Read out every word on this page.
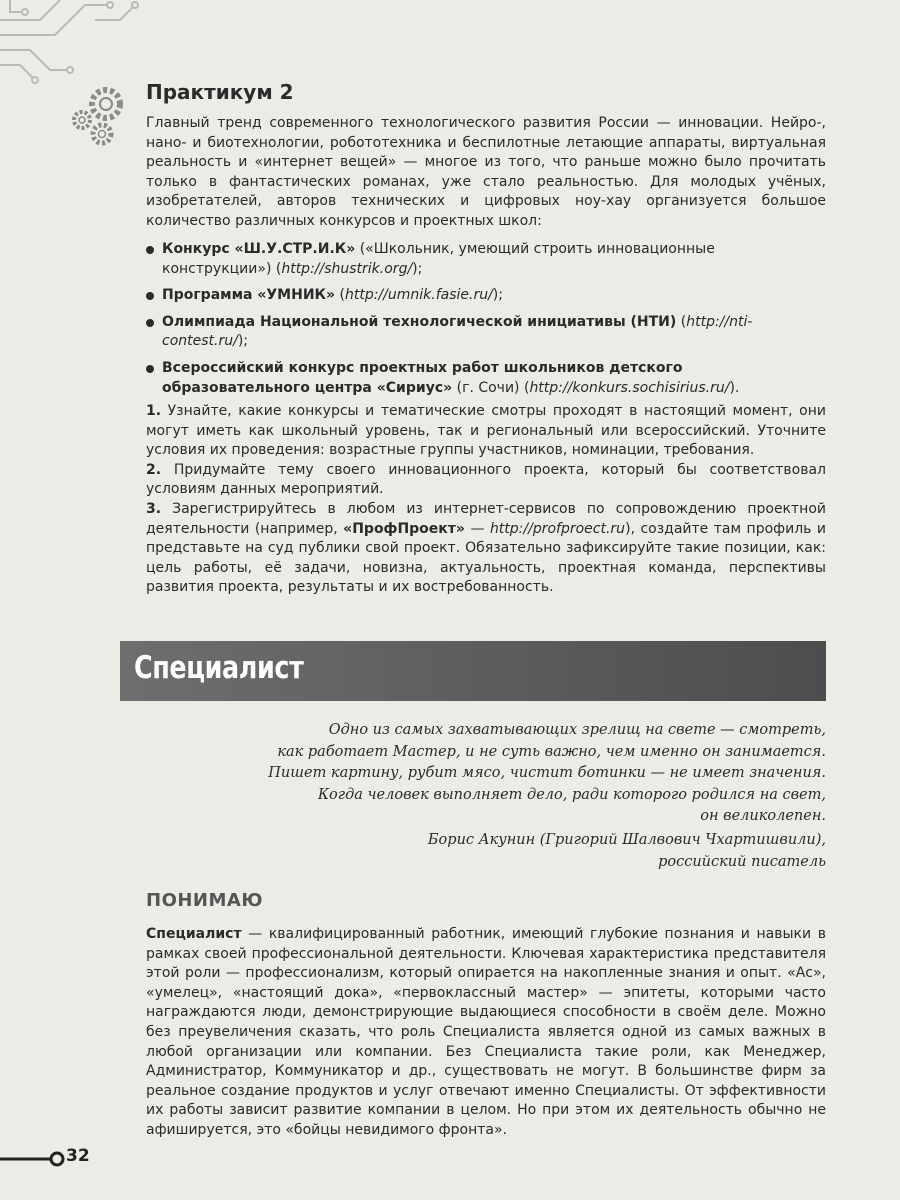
Практикум 2
Главный тренд современного технологического развития России — инновации. Нейро-, нано- и биотехнологии, робототехника и беспилотные летающие аппараты, виртуальная реальность и «интернет вещей» — многое из того, что раньше можно было прочитать только в фантастических романах, уже стало реальностью. Для молодых учёных, изобретателей, авторов технических и цифровых ноу-хау организуется большое количество различных конкурсов и проектных школ:
Конкурс «Ш.У.СТР.И.К» («Школьник, умеющий строить инновационные конструкции») (http://shustrik.org/);
Программа «УМНИК» (http://umnik.fasie.ru/);
Олимпиада Национальной технологической инициативы (НТИ) (http://nti-contest.ru/);
Всероссийский конкурс проектных работ школьников детского образовательного центра «Сириус» (г. Сочи) (http://konkurs.sochisirius.ru/).

1. Узнайте, какие конкурсы и тематические смотры проходят в настоящий момент, они могут иметь как школьный уровень, так и региональный или всероссийский. Уточните условия их проведения: возрастные группы участников, номинации, требования.

2. Придумайте тему своего инновационного проекта, который бы соответствовал условиям данных мероприятий.

3. Зарегистрируйтесь в любом из интернет-сервисов по сопровождению проектной деятельности (например, «ПрофПроект» — http://profproect.ru), создайте там профиль и представьте на суд публики свой проект. Обязательно зафиксируйте такие позиции, как: цель работы, её задачи, новизна, актуальность, проектная команда, перспективы развития проекта, результаты и их востребованность.

Специалист

Одно из самых захватывающих зрелищ на свете — смотреть,

как работает Мастер, и не суть важно, чем именно он занимается.

Пишет картину, рубит мясо, чистит ботинки — не имеет значения.

Когда человек выполняет дело, ради которого родился на свет,

он великолепен.

Борис Акунин (Григорий Шалвович Чхартишвили),

российский писатель

ПОНИМАЮ
Специалист — квалифицированный работник, имеющий глубокие познания и навыки в рамках своей профессиональной деятельности. Ключевая характеристика представителя этой роли — профессионализм, который опирается на накопленные знания и опыт. «Ас», «умелец», «настоящий дока», «первоклассный мастер» — эпитеты, которыми часто награждаются люди, демонстрирующие выдающиеся способности в своём деле. Можно без преувеличения сказать, что роль Специалиста является одной из самых важных в любой организации или компании. Без Специалиста такие роли, как Менеджер, Администратор, Коммуникатор и др., существовать не могут. В большинстве фирм за реальное создание продуктов и услуг отвечают именно Специалисты. От эффективности их работы зависит развитие компании в целом. Но при этом их деятельность обычно не афишируется, это «бойцы невидимого фронта».
32
